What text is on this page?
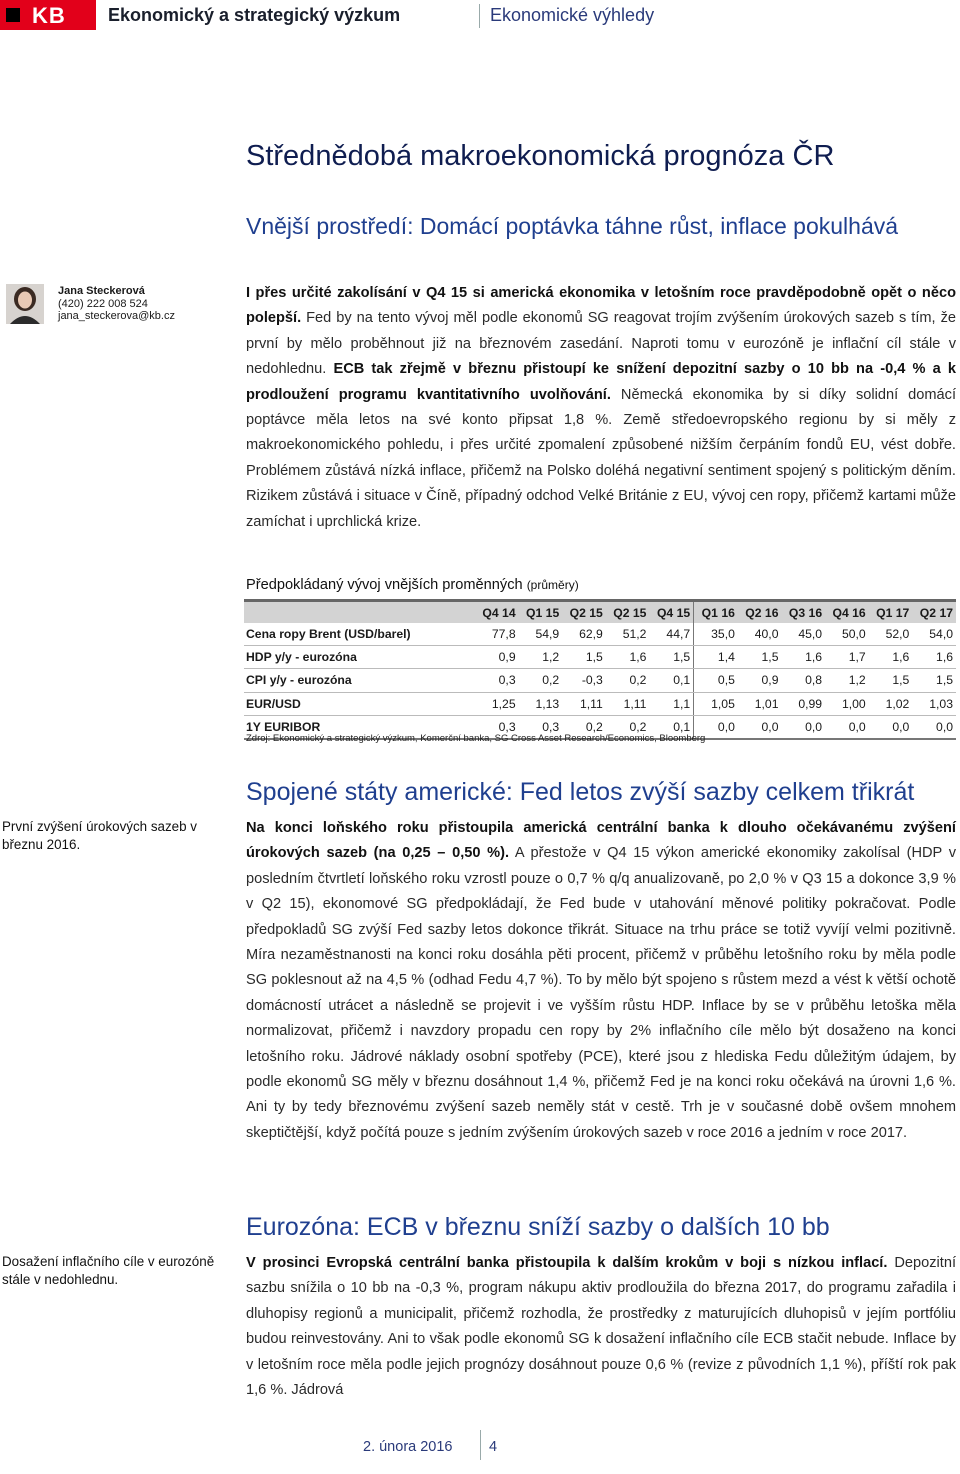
KB Ekonomický a strategický výzkum	Ekonomické výhledy
Střednědobá makroekonomická prognóza ČR
Vnější prostředí: Domácí poptávka táhne růst, inflace pokulhává
Jana Steckerová
(420) 222 008 524
jana_steckerova@kb.cz
I přes určité zakolísání v Q4 15 si americká ekonomika v letošním roce pravděpodobně opět o něco polepší. Fed by na tento vývoj měl podle ekonomů SG reagovat trojím zvýšením úrokových sazeb s tím, že první by mělo proběhnout již na březnovém zasedání. Naproti tomu v eurozóně je inflační cíl stále v nedohlednu. ECB tak zřejmě v březnu přistoupí ke snížení depozitní sazby o 10 bb na -0,4 % a k prodloužení programu kvantitativního uvolňování. Německá ekonomika by si díky solidní domácí poptávce měla letos na své konto připsat 1,8 %. Země středoevropského regionu by si měly z makroekonomického pohledu, i přes určité zpomalení způsobené nižším čerpáním fondů EU, vést dobře. Problémem zůstává nízká inflace, přičemž na Polsko doléhá negativní sentiment spojený s politickým děním. Rizikem zůstává i situace v Číně, případný odchod Velké Británie z EU, vývoj cen ropy, přičemž kartami může zamíchat i uprchlická krize.
Předpokládaný vývoj vnějších proměnných (průměry)
	Q4 14	Q1 15	Q2 15	Q2 15	Q4 15	Q1 16	Q2 16	Q3 16	Q4 16	Q1 17	Q2 17
Cena ropy Brent (USD/barel)	77,8	54,9	62,9	51,2	44,7	35,0	40,0	45,0	50,0	52,0	54,0
HDP y/y - eurozóna	0,9	1,2	1,5	1,6	1,5	1,4	1,5	1,6	1,7	1,6	1,6
CPI y/y - eurozóna	0,3	0,2	-0,3	0,2	0,1	0,5	0,9	0,8	1,2	1,5	1,5
EUR/USD	1,25	1,13	1,11	1,11	1,1	1,05	1,01	0,99	1,00	1,02	1,03
1Y EURIBOR	0,3	0,3	0,2	0,2	0,1	0,0	0,0	0,0	0,0	0,0	0,0
Zdroj: Ekonomický a strategický výzkum, Komerční banka, SG Cross Asset Research/Economics, Bloomberg
První zvýšení úrokových sazeb v březnu 2016.
Spojené státy americké: Fed letos zvýší sazby celkem třikrát
Na konci loňského roku přistoupila americká centrální banka k dlouho očekávanému zvýšení úrokových sazeb (na 0,25 – 0,50 %). A přestože v Q4 15 výkon americké ekonomiky zakolísal (HDP v posledním čtvrtletí loňského roku vzrostl pouze o 0,7 % q/q anualizovaně, po 2,0 % v Q3 15 a dokonce 3,9 % v Q2 15), ekonomové SG předpokládají, že Fed bude v utahování měnové politiky pokračovat. Podle předpokladů SG zvýší Fed sazby letos dokonce třikrát. Situace na trhu práce se totiž vyvíjí velmi pozitivně. Míra nezaměstnanosti na konci roku dosáhla pěti procent, přičemž v průběhu letošního roku by měla podle SG poklesnout až na 4,5 % (odhad Fedu 4,7 %). To by mělo být spojeno s růstem mezd a vést k větší ochotě domácností utrácet a následně se projevit i ve vyšším růstu HDP. Inflace by se v průběhu letoška měla normalizovat, přičemž i navzdory propadu cen ropy by 2% inflačního cíle mělo být dosaženo na konci letošního roku. Jádrové náklady osobní spotřeby (PCE), které jsou z hlediska Fedu důležitým údajem, by podle ekonomů SG měly v březnu dosáhnout 1,4 %, přičemž Fed je na konci roku očekává na úrovni 1,6 %. Ani ty by tedy březnovému zvýšení sazeb neměly stát v cestě. Trh je v současné době ovšem mnohem skeptičtější, když počítá pouze s jedním zvýšením úrokových sazeb v roce 2016 a jedním v roce 2017.
Dosažení inflačního cíle v eurozóně stále v nedohlednu.
Eurozóna: ECB v březnu sníží sazby o dalších 10 bb
V prosinci Evropská centrální banka přistoupila k dalším krokům v boji s nízkou inflací. Depozitní sazbu snížila o 10 bb na -0,3 %, program nákupu aktiv prodloužila do března 2017, do programu zařadila i dluhopisy regionů a municipalit, přičemž rozhodla, že prostředky z maturujících dluhopisů v jejím portfóliu budou reinvestovány. Ani to však podle ekonomů SG k dosažení inflačního cíle ECB stačit nebude. Inflace by v letošním roce měla podle jejich prognózy dosáhnout pouze 0,6 % (revize z původních 1,1 %), příští rok pak 1,6 %. Jádrová
2. února 2016	4
